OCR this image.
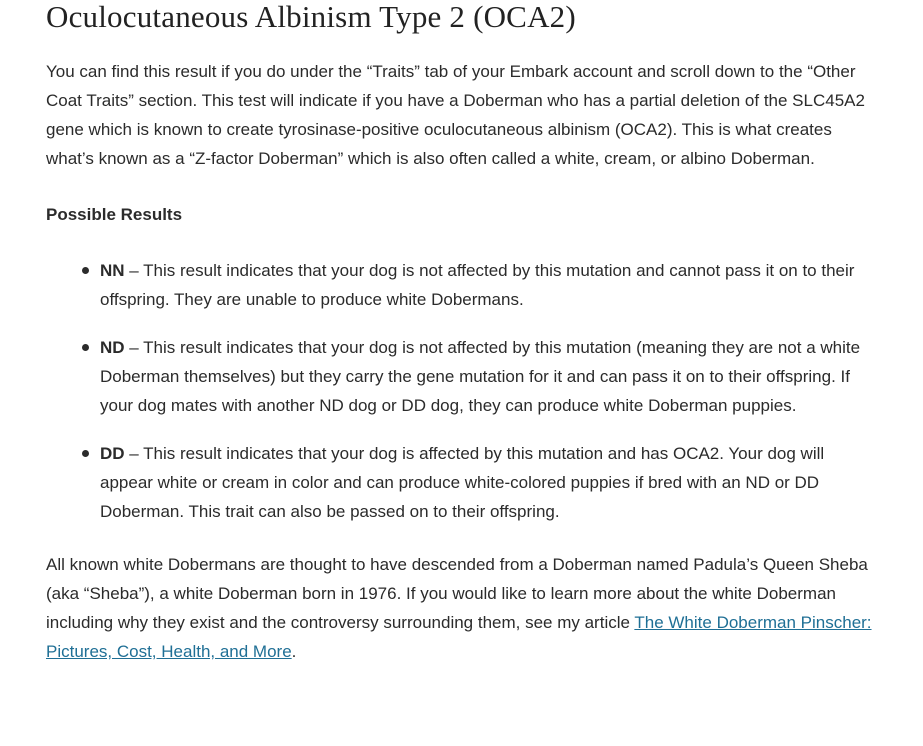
Oculocutaneous Albinism Type 2 (OCA2)

You can find this result if you do under the “Traits” tab of your Embark account and scroll down to the “Other Coat Traits” section. This test will indicate if you have a Doberman who has a partial deletion of the SLC45A2 gene which is known to create tyrosinase-positive oculocutaneous albinism (OCA2). This is what creates what’s known as a “Z-factor Doberman” which is also often called a white, cream, or albino Doberman.

Possible Results

NN – This result indicates that your dog is not affected by this mutation and cannot pass it on to their offspring. They are unable to produce white Dobermans.
ND – This result indicates that your dog is not affected by this mutation (meaning they are not a white Doberman themselves) but they carry the gene mutation for it and can pass it on to their offspring. If your dog mates with another ND dog or DD dog, they can produce white Doberman puppies.
DD – This result indicates that your dog is affected by this mutation and has OCA2. Your dog will appear white or cream in color and can produce white-colored puppies if bred with an ND or DD Doberman. This trait can also be passed on to their offspring.

All known white Dobermans are thought to have descended from a Doberman named Padula’s Queen Sheba (aka “Sheba”), a white Doberman born in 1976. If you would like to learn more about the white Doberman including why they exist and the controversy surrounding them, see my article The White Doberman Pinscher: Pictures, Cost, Health, and More.
